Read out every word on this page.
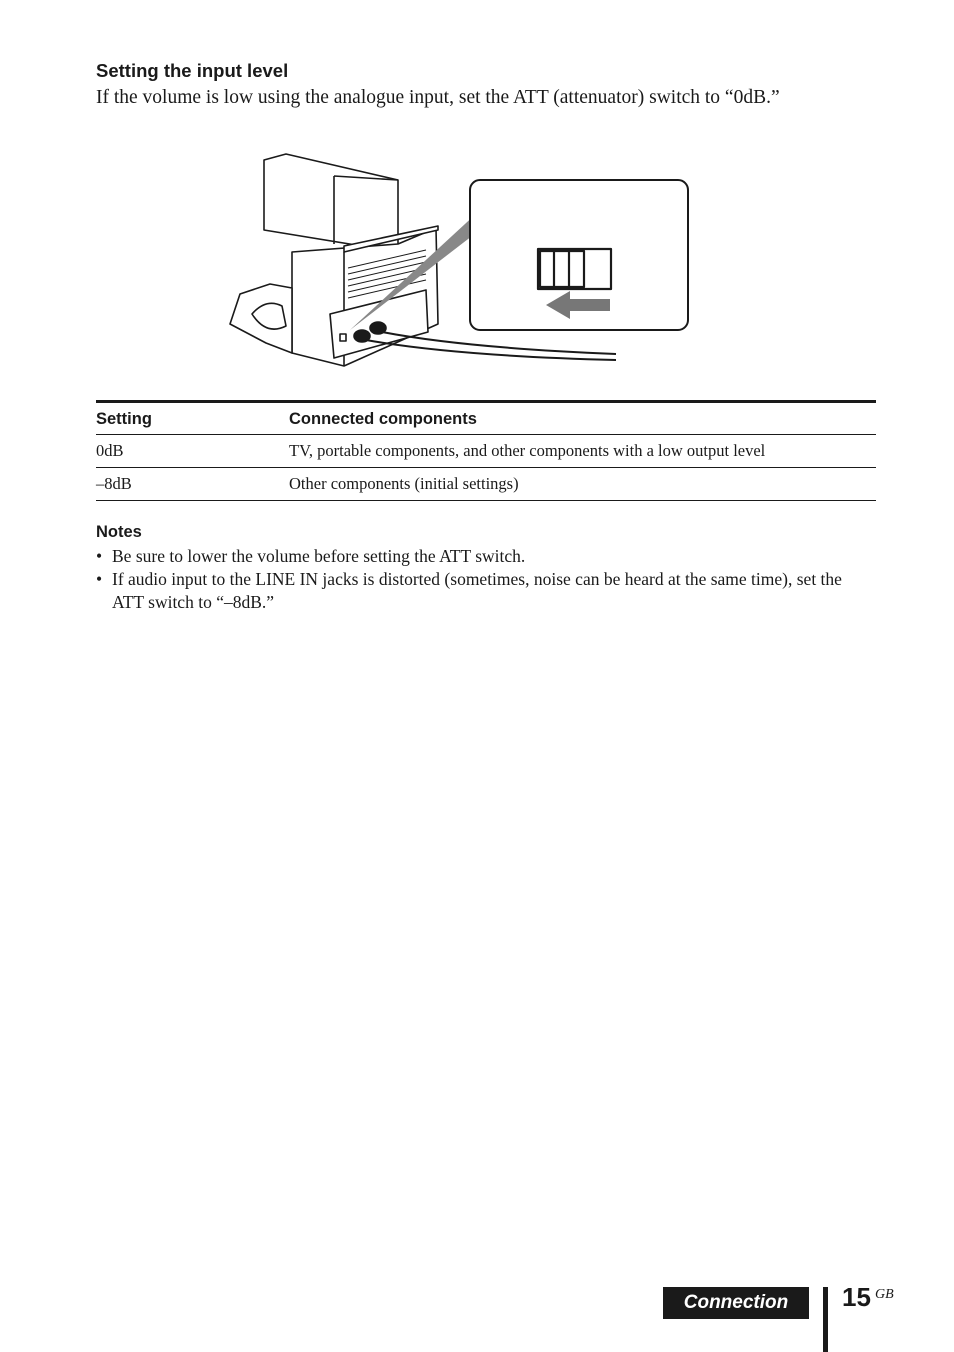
Setting the input level

If the volume is low using the analogue input, set the ATT (attenuator) switch to “0dB.”

Setting	Connected components
0dB	TV, portable components, and other components with a low output level
–8dB	Other components (initial settings)
Notes
• Be sure to lower the volume before setting the ATT switch.
• If audio input to the LINE IN jacks is distorted (sometimes, noise can be heard at the same time), set the ATT switch to “–8dB.”
Connection	15 GB
